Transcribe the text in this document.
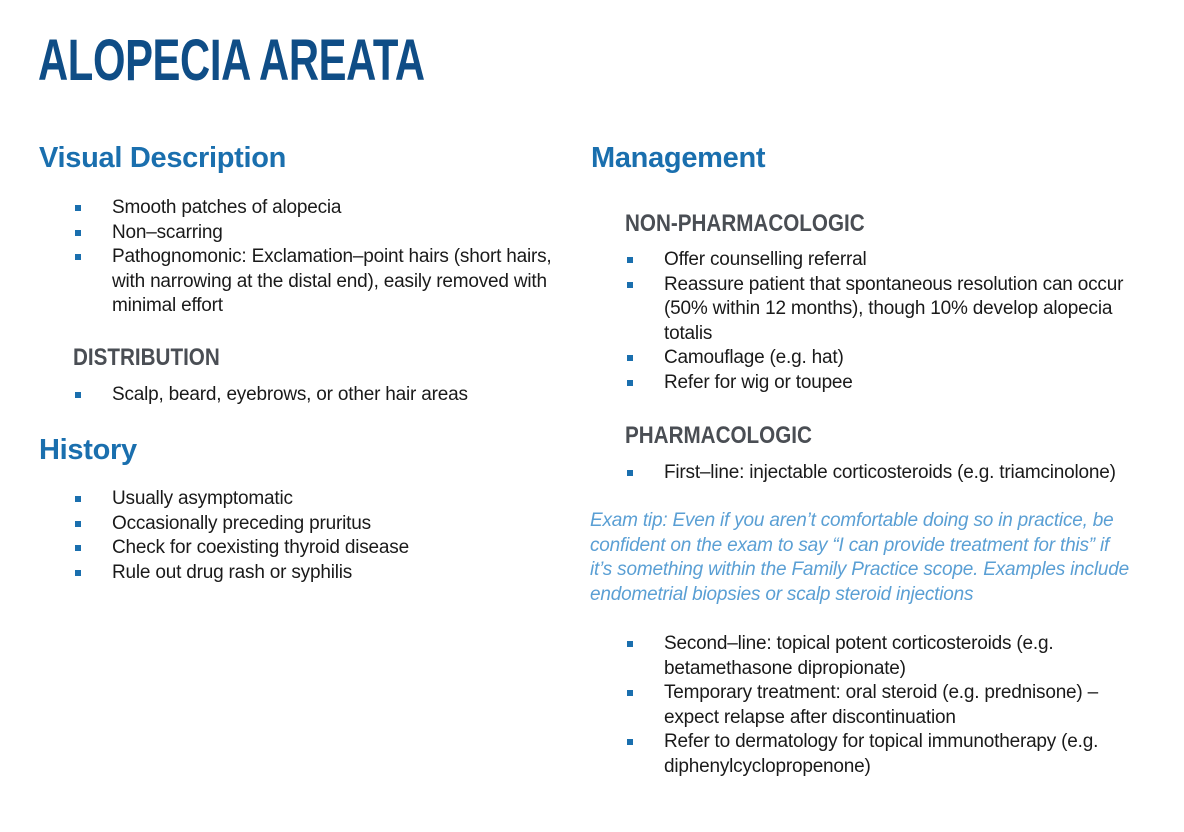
ALOPECIA AREATA
Visual Description
Smooth patches of alopecia
Non–scarring
Pathognomonic: Exclamation–point hairs (short hairs, with narrowing at the distal end), easily removed with minimal effort
DISTRIBUTION
Scalp, beard, eyebrows, or other hair areas
History
Usually asymptomatic
Occasionally preceding pruritus
Check for coexisting thyroid disease
Rule out drug rash or syphilis
Management
NON-PHARMACOLOGIC
Offer counselling referral
Reassure patient that spontaneous resolution can occur (50% within 12 months), though 10% develop alopecia totalis
Camouflage (e.g. hat)
Refer for wig or toupee
PHARMACOLOGIC
First–line: injectable corticosteroids (e.g. triamcinolone)

Exam tip: Even if you aren’t comfortable doing so in practice, be confident on the exam to say “I can provide treatment for this” if it’s something within the Family Practice scope. Examples include endometrial biopsies or scalp steroid injections

Second–line: topical potent corticosteroids (e.g. betamethasone dipropionate)
Temporary treatment: oral steroid (e.g. prednisone) – expect relapse after discontinuation
Refer to dermatology for topical immunotherapy (e.g. diphenylcyclopropenone)
